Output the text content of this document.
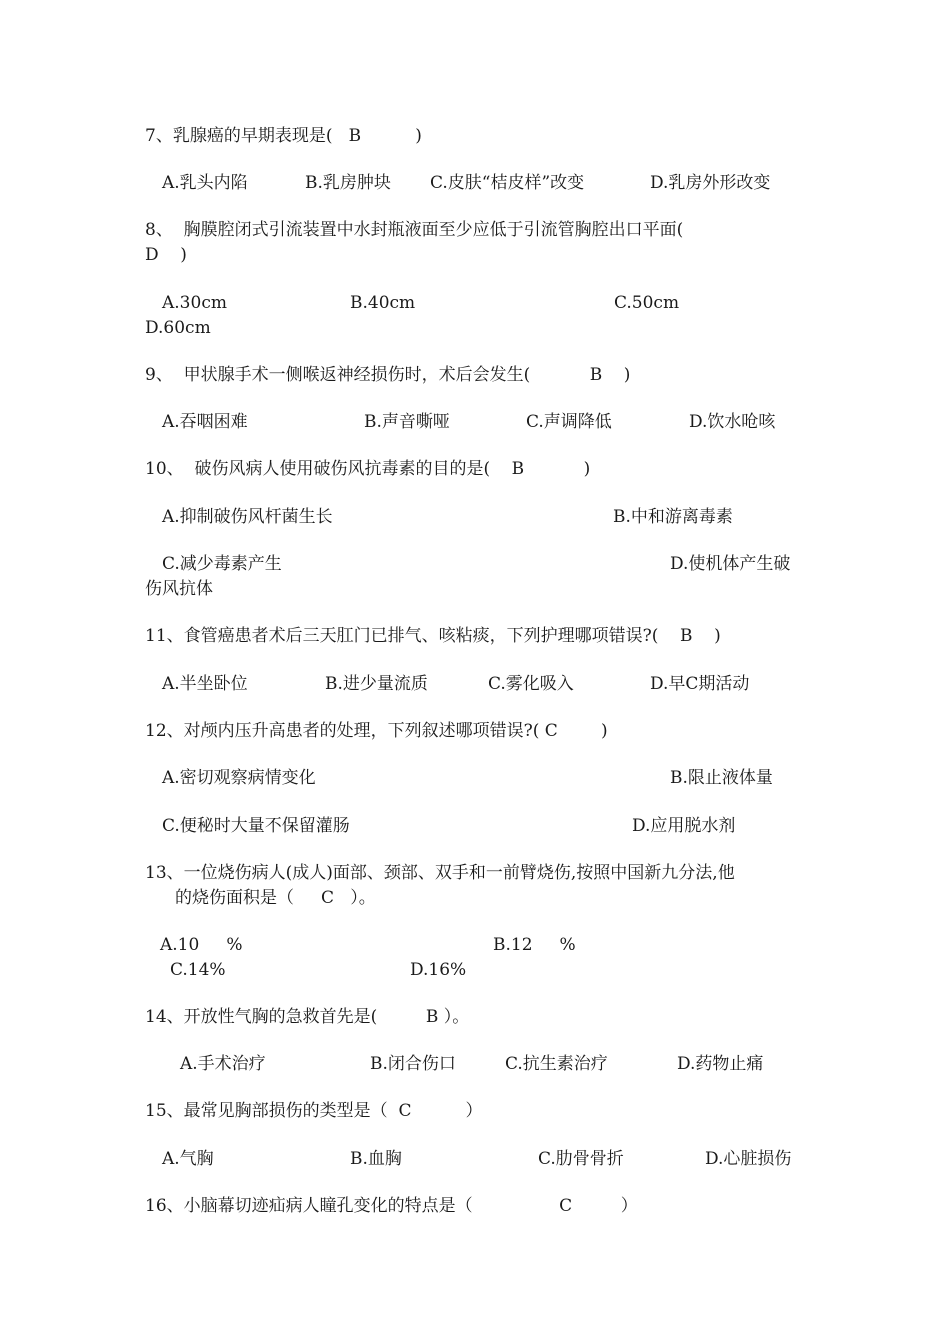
7、乳腺癌的早期表现是(   B          )
A.乳头内陷	B.乳房肿块 C.皮肤“桔皮样”改变	D.乳房外形改变
8、  胸膜腔闭式引流装置中水封瓶液面至少应低于引流管胸腔出口平面(
D    )
A.30cm	B.40cm	C.50cm
D.60cm
9、  甲状腺手术一侧喉返神经损伤时，术后会发生(           B    )
A.吞咽困难	B.声音嘶哑	C.声调降低	D.饮水呛咳
10、  破伤风病人使用破伤风抗毒素的目的是(    B           )
A.抑制破伤风杆菌生长	B.中和游离毒素
C.减少毒素产生	D.使机体产生破
伤风抗体
11、食管癌患者术后三天肛门已排气、咳粘痰，下列护理哪项错误?(    B    )
A.半坐卧位	B.进少量流质	C.雾化吸入	D.早C期活动
12、对颅内压升高患者的处理，下列叙述哪项错误?( C        )
A.密切观察病情变化	B.限止液体量
C.便秘时大量不保留灌肠	D.应用脱水剂
13、一位烧伤病人(成人)面部、颈部、双手和一前臂烧伤,按照中国新九分法,他
的烧伤面积是（     C   ）。
A.10     %	B.12     %
C.14%	D.16%
14、开放性气胸的急救首先是(         B ）。
A.手术治疗	B.闭合伤口	C.抗生素治疗	D.药物止痛
15、最常见胸部损伤的类型是（  C          ）
A.气胸	B.血胸	C.肋骨骨折	D.心脏损伤
16、小脑幕切迹疝病人瞳孔变化的特点是（                C         ）
